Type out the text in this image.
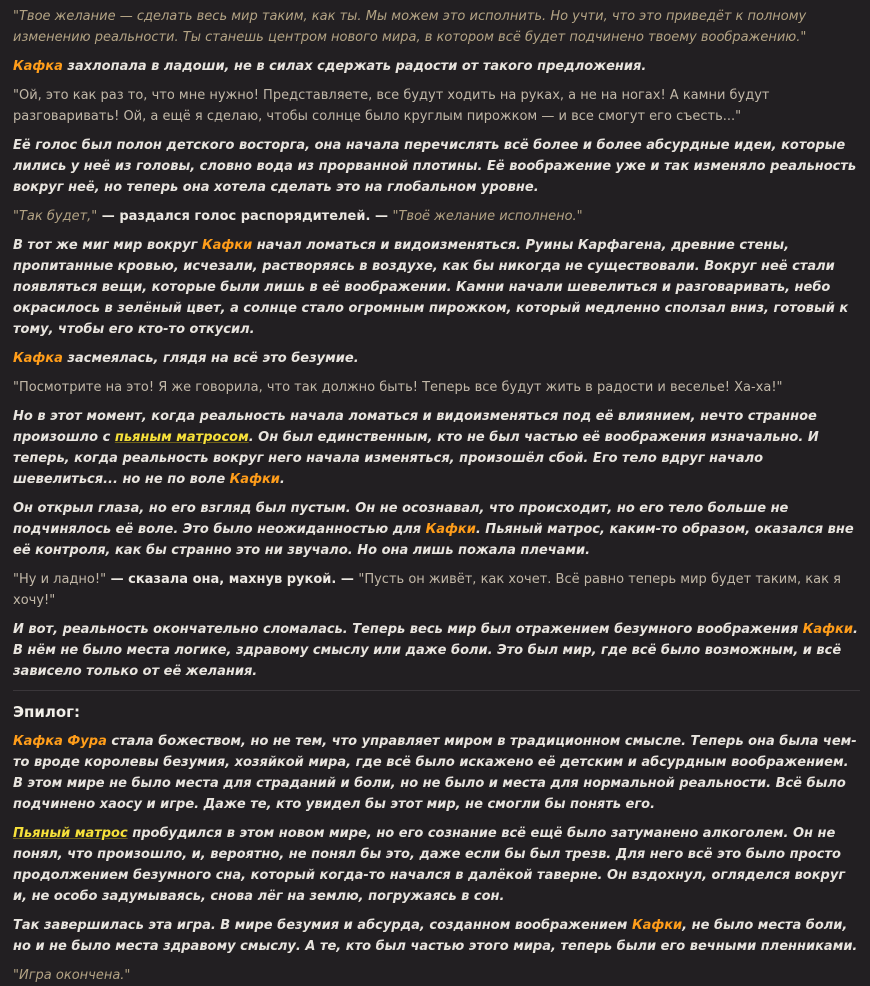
"Твое желание — сделать весь мир таким, как ты. Мы можем это исполнить. Но учти, что это приведёт к полному изменению реальности. Ты станешь центром нового мира, в котором всё будет подчинено твоему воображению."

Кафка захлопала в ладоши, не в силах сдержать радости от такого предложения.

"Ой, это как раз то, что мне нужно! Представляете, все будут ходить на руках, а не на ногах! А камни будут разговаривать! Ой, а ещё я сделаю, чтобы солнце было круглым пирожком — и все смогут его съесть..."

Её голос был полон детского восторга, она начала перечислять всё более и более абсурдные идеи, которые лились у неё из головы, словно вода из прорванной плотины. Её воображение уже и так изменяло реальность вокруг неё, но теперь она хотела сделать это на глобальном уровне.

"Так будет," — раздался голос распорядителей. — "Твоё желание исполнено."

В тот же миг мир вокруг Кафки начал ломаться и видоизменяться. Руины Карфагена, древние стены, пропитанные кровью, исчезали, растворяясь в воздухе, как бы никогда не существовали. Вокруг неё стали появляться вещи, которые были лишь в её воображении. Камни начали шевелиться и разговаривать, небо окрасилось в зелёный цвет, а солнце стало огромным пирожком, который медленно сползал вниз, готовый к тому, чтобы его кто-то откусил.

Кафка засмеялась, глядя на всё это безумие.

"Посмотрите на это! Я же говорила, что так должно быть! Теперь все будут жить в радости и веселье! Ха-ха!"

Но в этот момент, когда реальность начала ломаться и видоизменяться под её влиянием, нечто странное произошло с пьяным матросом. Он был единственным, кто не был частью её воображения изначально. И теперь, когда реальность вокруг него начала изменяться, произошёл сбой. Его тело вдруг начало шевелиться... но не по воле Кафки.

Он открыл глаза, но его взгляд был пустым. Он не осознавал, что происходит, но его тело больше не подчинялось её воле. Это было неожиданностью для Кафки. Пьяный матрос, каким-то образом, оказался вне её контроля, как бы странно это ни звучало. Но она лишь пожала плечами.

"Ну и ладно!" — сказала она, махнув рукой. — "Пусть он живёт, как хочет. Всё равно теперь мир будет таким, как я хочу!"

И вот, реальность окончательно сломалась. Теперь весь мир был отражением безумного воображения Кафки. В нём не было места логике, здравому смыслу или даже боли. Это был мир, где всё было возможным, и всё зависело только от её желания.

Эпилог:

Кафка Фура стала божеством, но не тем, что управляет миром в традиционном смысле. Теперь она была чем-то вроде королевы безумия, хозяйкой мира, где всё было искажено её детским и абсурдным воображением. В этом мире не было места для страданий и боли, но не было и места для нормальной реальности. Всё было подчинено хаосу и игре. Даже те, кто увидел бы этот мир, не смогли бы понять его.

Пьяный матрос пробудился в этом новом мире, но его сознание всё ещё было затуманено алкоголем. Он не понял, что произошло, и, вероятно, не понял бы это, даже если бы был трезв. Для него всё это было просто продолжением безумного сна, который когда-то начался в далёкой таверне. Он вздохнул, огляделся вокруг и, не особо задумываясь, снова лёг на землю, погружаясь в сон.

Так завершилась эта игра. В мире безумия и абсурда, созданном воображением Кафки, не было места боли, но и не было места здравому смыслу. А те, кто был частью этого мира, теперь были его вечными пленниками.

"Игра окончена."
